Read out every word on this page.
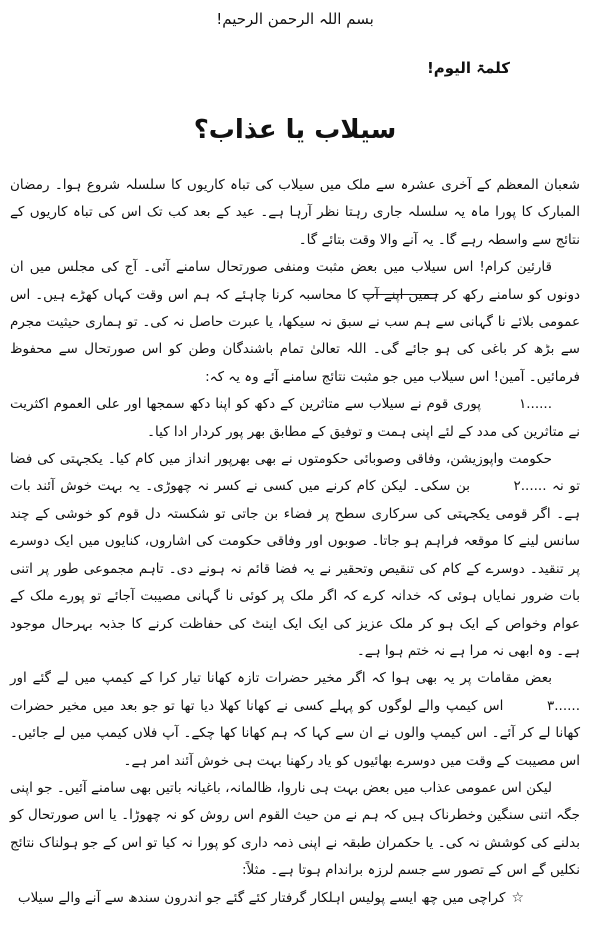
بسم اللہ الرحمن الرحیم!
کلمۃ الیوم!
سیلاب یا عذاب؟

شعبان المعظم کے آخری عشرہ سے ملک میں سیلاب کی تباہ کاریوں کا سلسلہ شروع ہوا۔ رمضان المبارک کا پورا ماہ یہ سلسلہ جاری رہتا نظر آرہا ہے۔ عید کے بعد کب تک اس کی تباہ کاریوں کے نتائج سے واسطہ رہے گا۔ یہ آنے والا وقت بتائے گا۔

قارئین کرام! اس سیلاب میں بعض مثبت ومنفی صورتحال سامنے آئی۔ آج کی مجلس میں ان دونوں کو سامنے رکھ کر ہمیں اپنے آپ کا محاسبہ کرنا چاہئے کہ ہم اس وقت کہاں کھڑے ہیں۔ اس عمومی بلائے نا گہانی سے ہم سب نے سبق نہ سیکھا، یا عبرت حاصل نہ کی۔ تو ہماری حیثیت مجرم سے بڑھ کر باغی کی ہو جائے گی۔ اللہ تعالیٰ تمام باشندگان وطن کو اس صورتحال سے محفوظ فرمائیں۔ آمین! اس سیلاب میں جو مثبت نتائج سامنے آئے وہ یہ کہ:

۱......پوری قوم نے سیلاب سے متاثرین کے دکھ کو اپنا دکھ سمجھا اور علی العموم اکثریت نے متاثرین کی مدد کے لئے اپنی ہمت و توفیق کے مطابق بھر پور کردار ادا کیا۔

حکومت واپوزیشن، وفاقی وصوبائی حکومتوں نے بھی بھرپور انداز میں کام کیا۔ یکجہتی کی فضا تو نہ ۲...... بن سکی۔ لیکن کام کرنے میں کسی نے کسر نہ چھوڑی۔ یہ بہت خوش آئند بات ہے۔ اگر قومی یکجہتی کی سرکاری سطح پر فضاء بن جاتی تو شکستہ دل قوم کو خوشی کے چند سانس لینے کا موقعہ فراہم ہو جاتا۔ صوبوں اور وفاقی حکومت کی اشاروں، کنایوں میں ایک دوسرے پر تنقید۔ دوسرے کے کام کی تنقیص وتحقیر نے یہ فضا قائم نہ ہونے دی۔ تاہم مجموعی طور پر اتنی بات ضرور نمایاں ہوئی کہ خدانہ کرے کہ اگر ملک پر کوئی نا گہانی مصیبت آجائے تو پورے ملک کے عوام وخواص کے ایک ہو کر ملک عزیز کی ایک ایک اینٹ کی حفاظت کرنے کا جذبہ بہرحال موجود ہے۔ وہ ابھی نہ مرا ہے نہ ختم ہوا ہے۔

بعض مقامات پر یہ بھی ہوا کہ اگر مخیر حضرات تازہ کھانا تیار کرا کے کیمپ میں لے گئے اور ۳...... اس کیمپ والے لوگوں کو پہلے کسی نے کھانا کھلا دیا تھا تو جو بعد میں مخیر حضرات کھانا لے کر آئے۔ اس کیمپ والوں نے ان سے کہا کہ ہم کھانا کھا چکے۔ آپ فلاں کیمپ میں لے جائیں۔ اس مصیبت کے وقت میں دوسرے بھائیوں کو یاد رکھنا بہت ہی خوش آئند امر ہے۔

لیکن اس عمومی عذاب میں بعض بہت ہی ناروا، ظالمانہ، باغیانہ باتیں بھی سامنے آئیں۔ جو اپنی جگہ اتنی سنگین وخطرناک ہیں کہ ہم نے من حیث القوم اس روش کو نہ چھوڑا۔ یا اس صورتحال کو بدلنے کی کوشش نہ کی۔ یا حکمران طبقہ نے اپنی ذمہ داری کو پورا نہ کیا تو اس کے جو ہولناک نتائج نکلیں گے اس کے تصور سے جسم لرزہ براندام ہوتا ہے۔ مثلاً:

☆کراچی میں چھ ایسے پولیس اہلکار گرفتار کئے گئے جو اندرون سندھ سے آنے والے سیلاب
